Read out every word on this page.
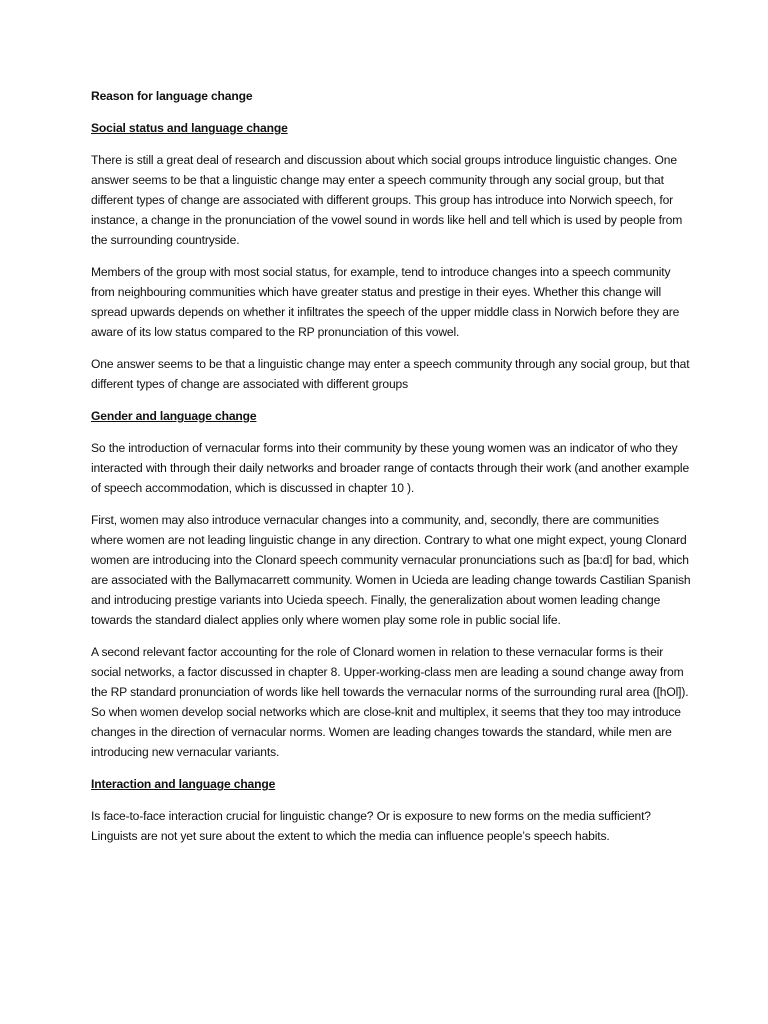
Reason for language change

Social status and language change

There is still a great deal of research and discussion about which social groups introduce linguistic changes. One answer seems to be that a linguistic change may enter a speech community through any social group, but that different types of change are associated with different groups. This group has introduce into Norwich speech, for instance, a change in the pronunciation of the vowel sound in words like hell and tell which is used by people from the surrounding countryside.

Members of the group with most social status, for example, tend to introduce changes into a speech community from neighbouring communities which have greater status and prestige in their eyes. Whether this change will spread upwards depends on whether it infiltrates the speech of the upper middle class in Norwich before they are aware of its low status compared to the RP pronunciation of this vowel.

One answer seems to be that a linguistic change may enter a speech community through any social group, but that different types of change are associated with different groups

Gender and language change

So the introduction of vernacular forms into their community by these young women was an indicator of who they interacted with through their daily networks and broader range of contacts through their work (and another example of speech accommodation, which is discussed in chapter 10 ).

First, women may also introduce vernacular changes into a community, and, secondly, there are communities where women are not leading linguistic change in any direction. Contrary to what one might expect, young Clonard women are introducing into the Clonard speech community vernacular pronunciations such as [ba:d] for bad, which are associated with the Ballymacarrett community. Women in Ucieda are leading change towards Castilian Spanish and introducing prestige variants into Ucieda speech. Finally, the generalization about women leading change towards the standard dialect applies only where women play some role in public social life.

A second relevant factor accounting for the role of Clonard women in relation to these vernacular forms is their social networks, a factor discussed in chapter 8. Upper-working-class men are leading a sound change away from the RP standard pronunciation of words like hell towards the vernacular norms of the surrounding rural area ([hOl]). So when women develop social networks which are close-knit and multiplex, it seems that they too may introduce changes in the direction of vernacular norms. Women are leading changes towards the standard, while men are introducing new vernacular variants.

Interaction and language change

Is face-to-face interaction crucial for linguistic change? Or is exposure to new forms on the media sufficient? Linguists are not yet sure about the extent to which the media can influence people’s speech habits.
